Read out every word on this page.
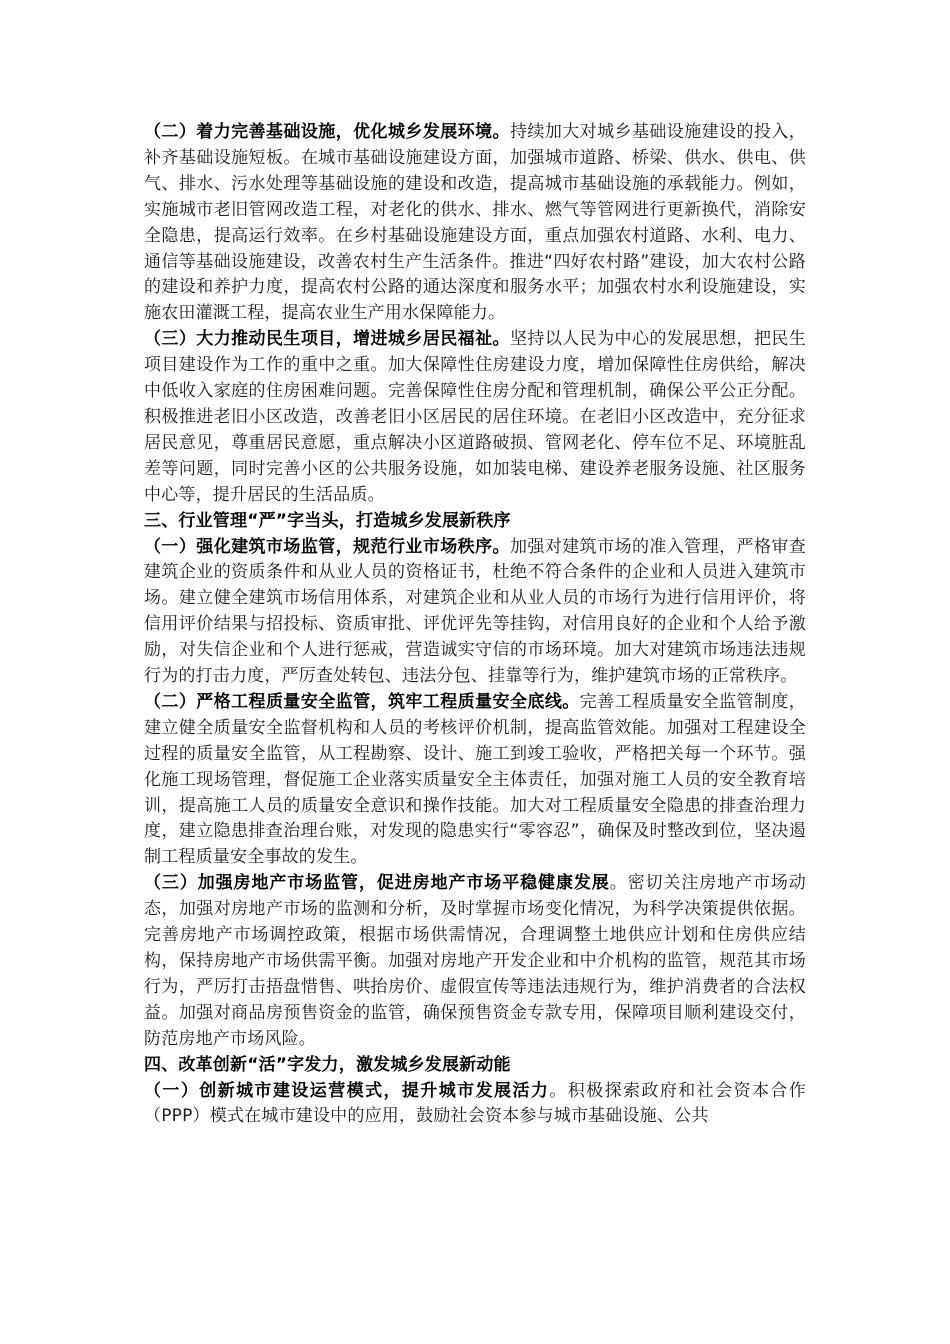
（二）着力完善基础设施，优化城乡发展环境。持续加大对城乡基础设施建设的投入，补齐基础设施短板。在城市基础设施建设方面，加强城市道路、桥梁、供水、供电、供气、排水、污水处理等基础设施的建设和改造，提高城市基础设施的承载能力。例如，实施城市老旧管网改造工程，对老化的供水、排水、燃气等管网进行更新换代，消除安全隐患，提高运行效率。在乡村基础设施建设方面，重点加强农村道路、水利、电力、通信等基础设施建设，改善农村生产生活条件。推进“四好农村路”建设，加大农村公路的建设和养护力度，提高农村公路的通达深度和服务水平；加强农村水利设施建设，实施农田灌溉工程，提高农业生产用水保障能力。

（三）大力推动民生项目，增进城乡居民福祉。坚持以人民为中心的发展思想，把民生项目建设作为工作的重中之重。加大保障性住房建设力度，增加保障性住房供给，解决中低收入家庭的住房困难问题。完善保障性住房分配和管理机制，确保公平公正分配。积极推进老旧小区改造，改善老旧小区居民的居住环境。在老旧小区改造中，充分征求居民意见，尊重居民意愿，重点解决小区道路破损、管网老化、停车位不足、环境脏乱差等问题，同时完善小区的公共服务设施，如加装电梯、建设养老服务设施、社区服务中心等，提升居民的生活品质。

三、行业管理“严”字当头，打造城乡发展新秩序

（一）强化建筑市场监管，规范行业市场秩序。加强对建筑市场的准入管理，严格审查建筑企业的资质条件和从业人员的资格证书，杜绝不符合条件的企业和人员进入建筑市场。建立健全建筑市场信用体系，对建筑企业和从业人员的市场行为进行信用评价，将信用评价结果与招投标、资质审批、评优评先等挂钩，对信用良好的企业和个人给予激励，对失信企业和个人进行惩戒，营造诚实守信的市场环境。加大对建筑市场违法违规行为的打击力度，严厉查处转包、违法分包、挂靠等行为，维护建筑市场的正常秩序。

（二）严格工程质量安全监管，筑牢工程质量安全底线。完善工程质量安全监管制度，建立健全质量安全监督机构和人员的考核评价机制，提高监管效能。加强对工程建设全过程的质量安全监管，从工程勘察、设计、施工到竣工验收，严格把关每一个环节。强化施工现场管理，督促施工企业落实质量安全主体责任，加强对施工人员的安全教育培训，提高施工人员的质量安全意识和操作技能。加大对工程质量安全隐患的排查治理力度，建立隐患排查治理台账，对发现的隐患实行“零容忍”，确保及时整改到位，坚决遏制工程质量安全事故的发生。

（三）加强房地产市场监管，促进房地产市场平稳健康发展。密切关注房地产市场动态，加强对房地产市场的监测和分析，及时掌握市场变化情况，为科学决策提供依据。完善房地产市场调控政策，根据市场供需情况，合理调整土地供应计划和住房供应结构，保持房地产市场供需平衡。加强对房地产开发企业和中介机构的监管，规范其市场行为，严厉打击捂盘惜售、哄抬房价、虚假宣传等违法违规行为，维护消费者的合法权益。加强对商品房预售资金的监管，确保预售资金专款专用，保障项目顺利建设交付，防范房地产市场风险。

四、改革创新“活”字发力，激发城乡发展新动能

（一）创新城市建设运营模式，提升城市发展活力。积极探索政府和社会资本合作（PPP）模式在城市建设中的应用，鼓励社会资本参与城市基础设施、公共
